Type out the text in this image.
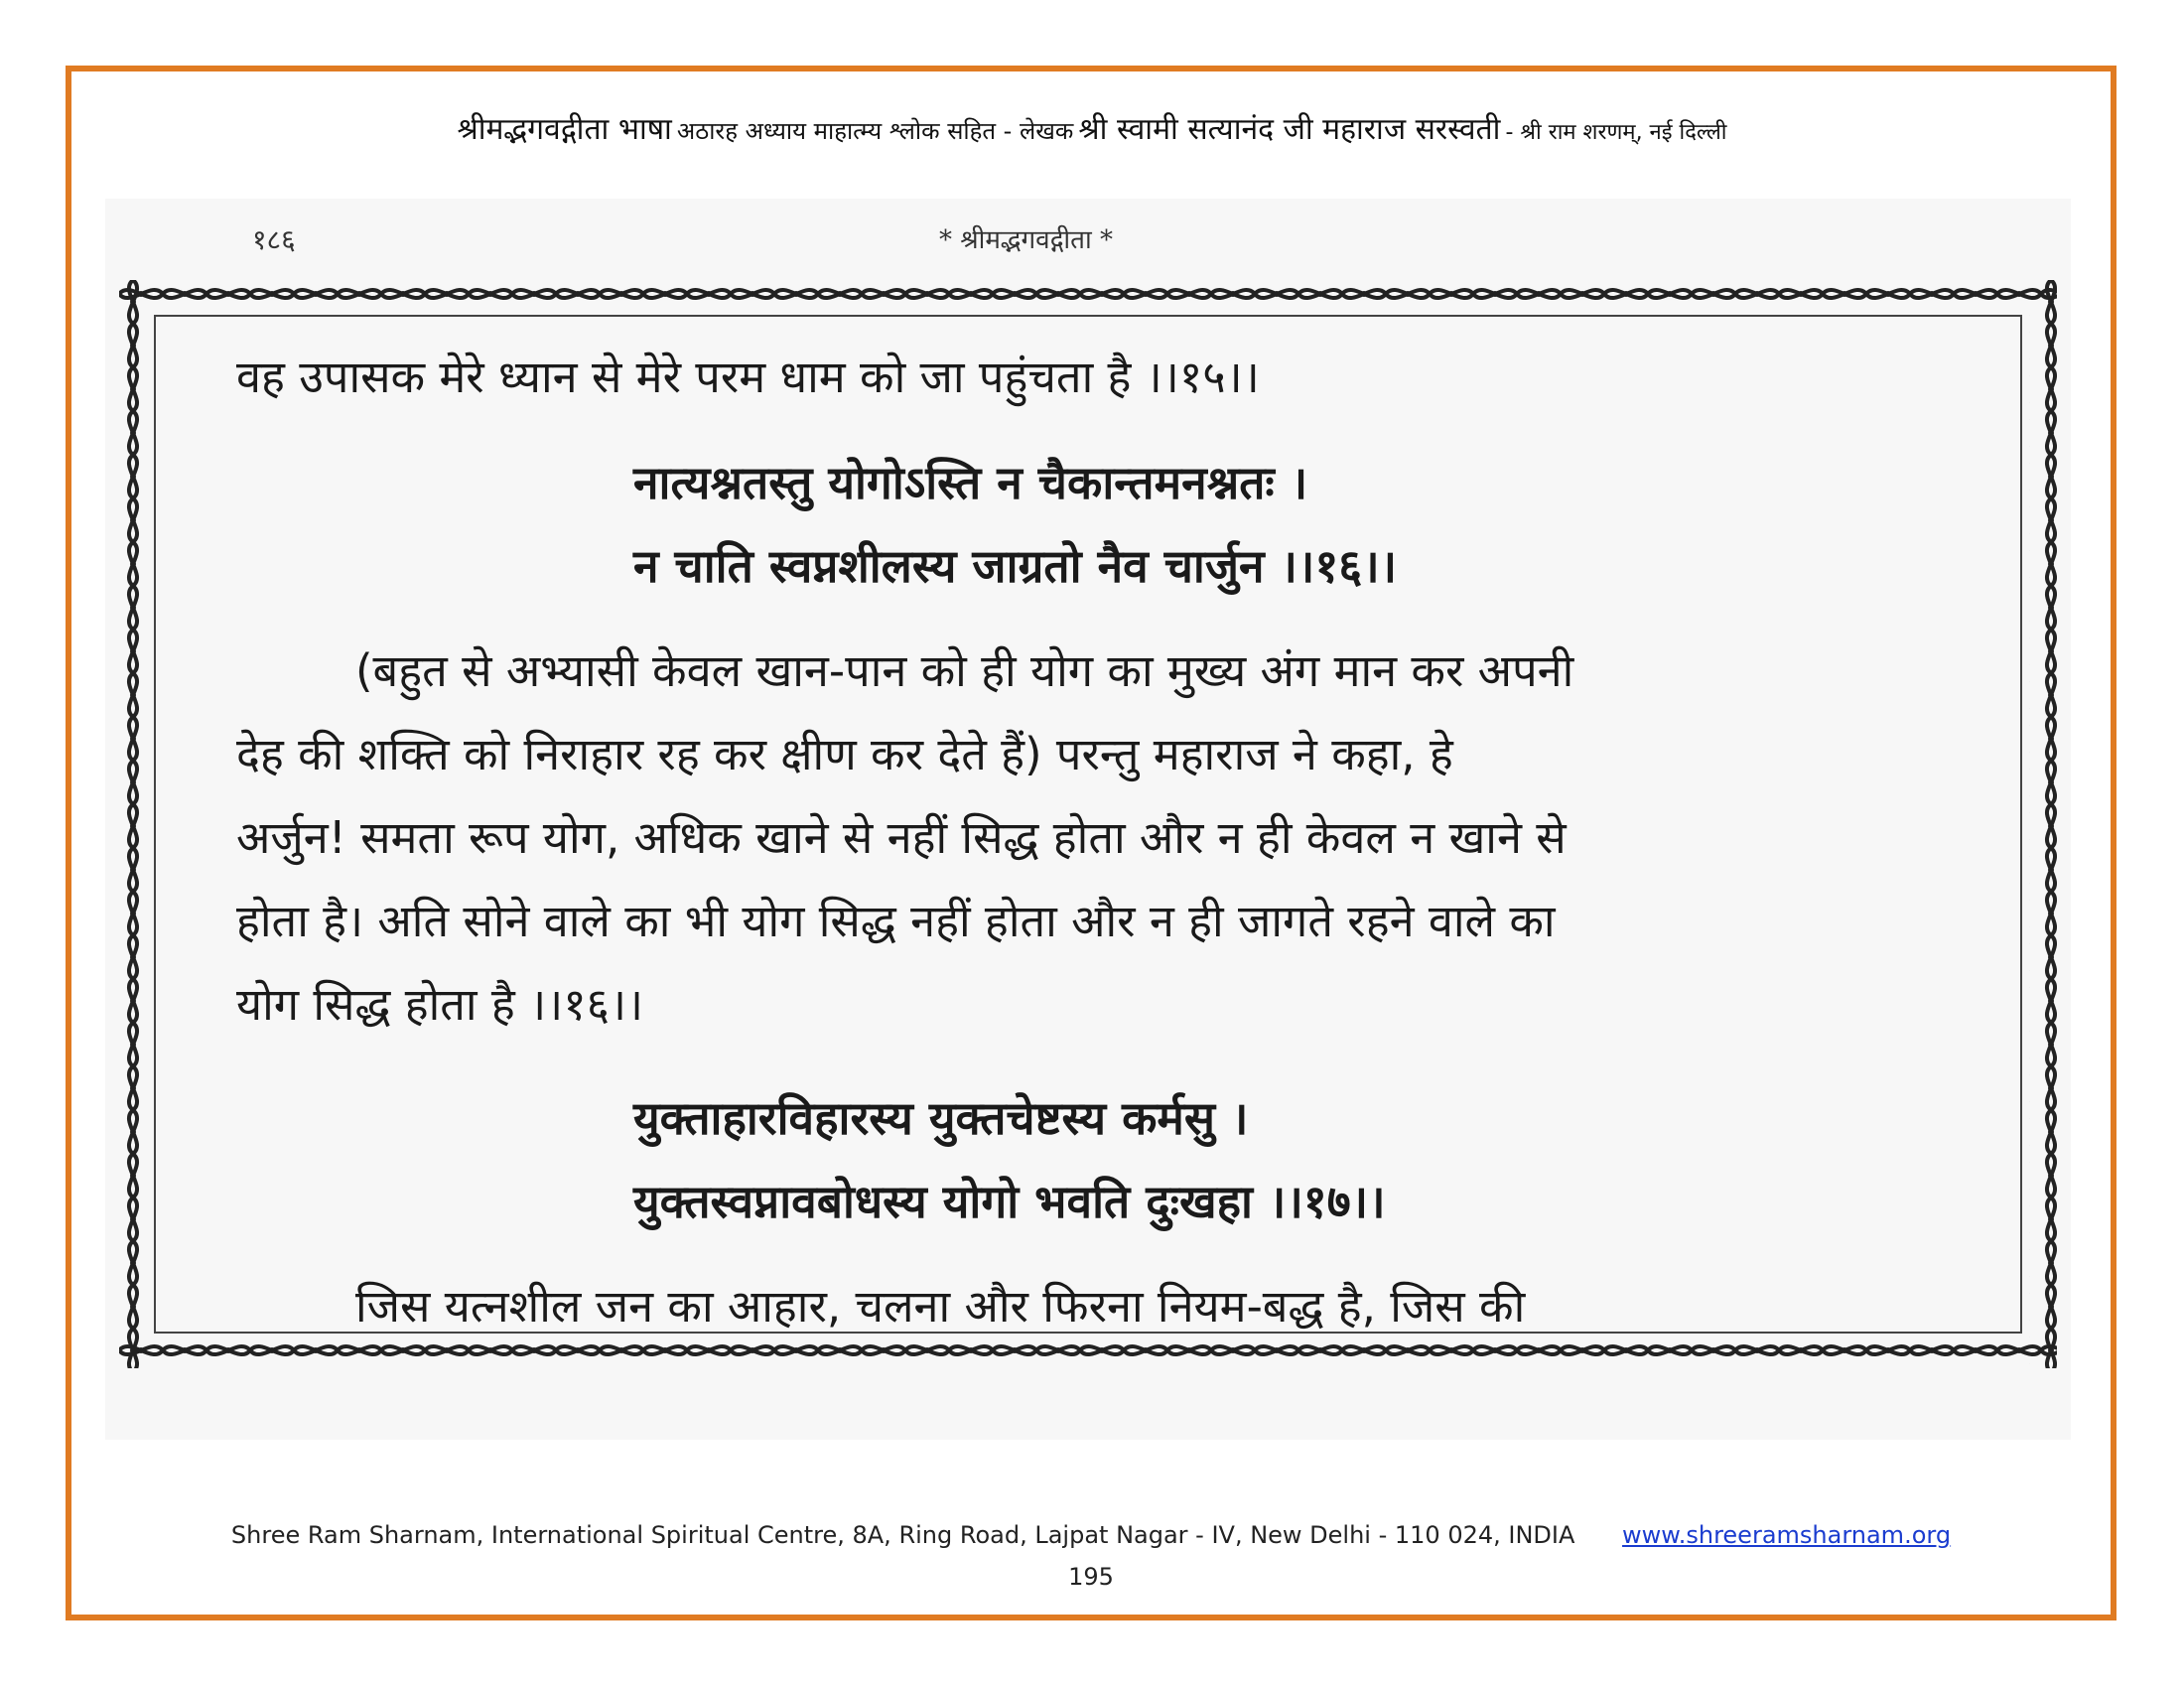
श्रीमद्भगवद्गीता भाषा अठारह अध्याय माहात्म्य श्लोक सहित - लेखक श्री स्वामी सत्यानंद जी महाराज सरस्वती - श्री राम शरणम्, नई दिल्ली
१८६	* श्रीमद्भगवद्गीता *

वह उपासक मेरे ध्यान से मेरे परम धाम को जा पहुंचता है ।।१५।।

नात्यश्नतस्तु योगोऽस्ति न चैकान्तमनश्नतः ।

न चाति स्वप्नशीलस्य जाग्रतो नैव चार्जुन ।।१६।।

(बहुत से अभ्यासी केवल खान-पान को ही योग का मुख्य अंग मान कर अपनी

देह की शक्ति को निराहार रह कर क्षीण कर देते हैं) परन्तु महाराज ने कहा, हे

अर्जुन! समता रूप योग, अधिक खाने से नहीं सिद्ध होता और न ही केवल न खाने से

होता है। अति सोने वाले का भी योग सिद्ध नहीं होता और न ही जागते रहने वाले का

योग सिद्ध होता है ।।१६।।

युक्ताहारविहारस्य युक्तचेष्टस्य कर्मसु ।

युक्तस्वप्नावबोधस्य योगो भवति दुःखहा ।।१७।।

जिस यत्नशील जन का आहार, चलना और फिरना नियम-बद्ध है, जिस की

Shree Ram Sharnam, International Spiritual Centre, 8A, Ring Road, Lajpat Nagar - IV, New Delhi - 110 024, INDIA www.shreeramsharnam.org
195
